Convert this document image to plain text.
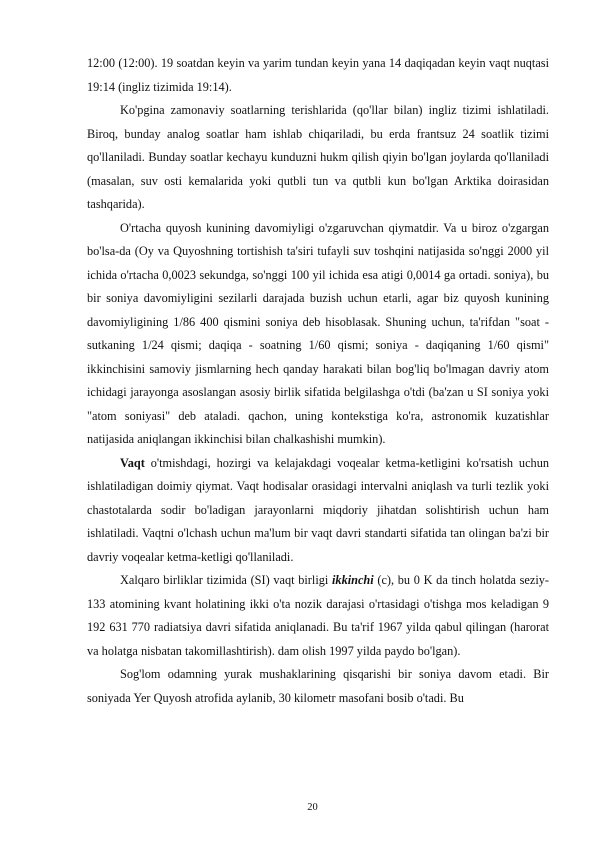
12:00 (12:00). 19 soatdan keyin va yarim tundan keyin yana 14 daqiqadan keyin vaqt nuqtasi 19:14 (ingliz tizimida 19:14).

Ko'pgina zamonaviy soatlarning terishlarida (qo'llar bilan) ingliz tizimi ishlatiladi. Biroq, bunday analog soatlar ham ishlab chiqariladi, bu erda frantsuz 24 soatlik tizimi qo'llaniladi. Bunday soatlar kechayu kunduzni hukm qilish qiyin bo'lgan joylarda qo'llaniladi (masalan, suv osti kemalarida yoki qutbli tun va qutbli kun bo'lgan Arktika doirasidan tashqarida).

O'rtacha quyosh kunining davomiyligi o'zgaruvchan qiymatdir. Va u biroz o'zgargan bo'lsa-da (Oy va Quyoshning tortishish ta'siri tufayli suv toshqini natijasida so'nggi 2000 yil ichida o'rtacha 0,0023 sekundga, so'nggi 100 yil ichida esa atigi 0,0014 ga ortadi. soniya), bu bir soniya davomiyligini sezilarli darajada buzish uchun etarli, agar biz quyosh kunining davomiyligining 1/86 400 qismini soniya deb hisoblasak. Shuning uchun, ta'rifdan "soat - sutkaning 1/24 qismi; daqiqa - soatning 1/60 qismi; soniya - daqiqaning 1/60 qismi" ikkinchisini samoviy jismlarning hech qanday harakati bilan bog'liq bo'lmagan davriy atom ichidagi jarayonga asoslangan asosiy birlik sifatida belgilashga o'tdi (ba'zan u SI soniya yoki "atom soniyasi" deb ataladi. qachon, uning kontekstiga ko'ra, astronomik kuzatishlar natijasida aniqlangan ikkinchisi bilan chalkashishi mumkin).

Vaqt o'tmishdagi, hozirgi va kelajakdagi voqealar ketma-ketligini ko'rsatish uchun ishlatiladigan doimiy qiymat. Vaqt hodisalar orasidagi intervalni aniqlash va turli tezlik yoki chastotalarda sodir bo'ladigan jarayonlarni miqdoriy jihatdan solishtirish uchun ham ishlatiladi. Vaqtni o'lchash uchun ma'lum bir vaqt davri standarti sifatida tan olingan ba'zi bir davriy voqealar ketma-ketligi qo'llaniladi.

Xalqaro birliklar tizimida (SI) vaqt birligi ikkinchi (c), bu 0 K da tinch holatda seziy-133 atomining kvant holatining ikki o'ta nozik darajasi o'rtasidagi o'tishga mos keladigan 9 192 631 770 radiatsiya davri sifatida aniqlanadi. Bu ta'rif 1967 yilda qabul qilingan (harorat va holatga nisbatan takomillashtirish). dam olish 1997 yilda paydo bo'lgan).

Sog'lom odamning yurak mushaklarining qisqarishi bir soniya davom etadi. Bir soniyada Yer Quyosh atrofida aylanib, 30 kilometr masofani bosib o'tadi. Bu

20
